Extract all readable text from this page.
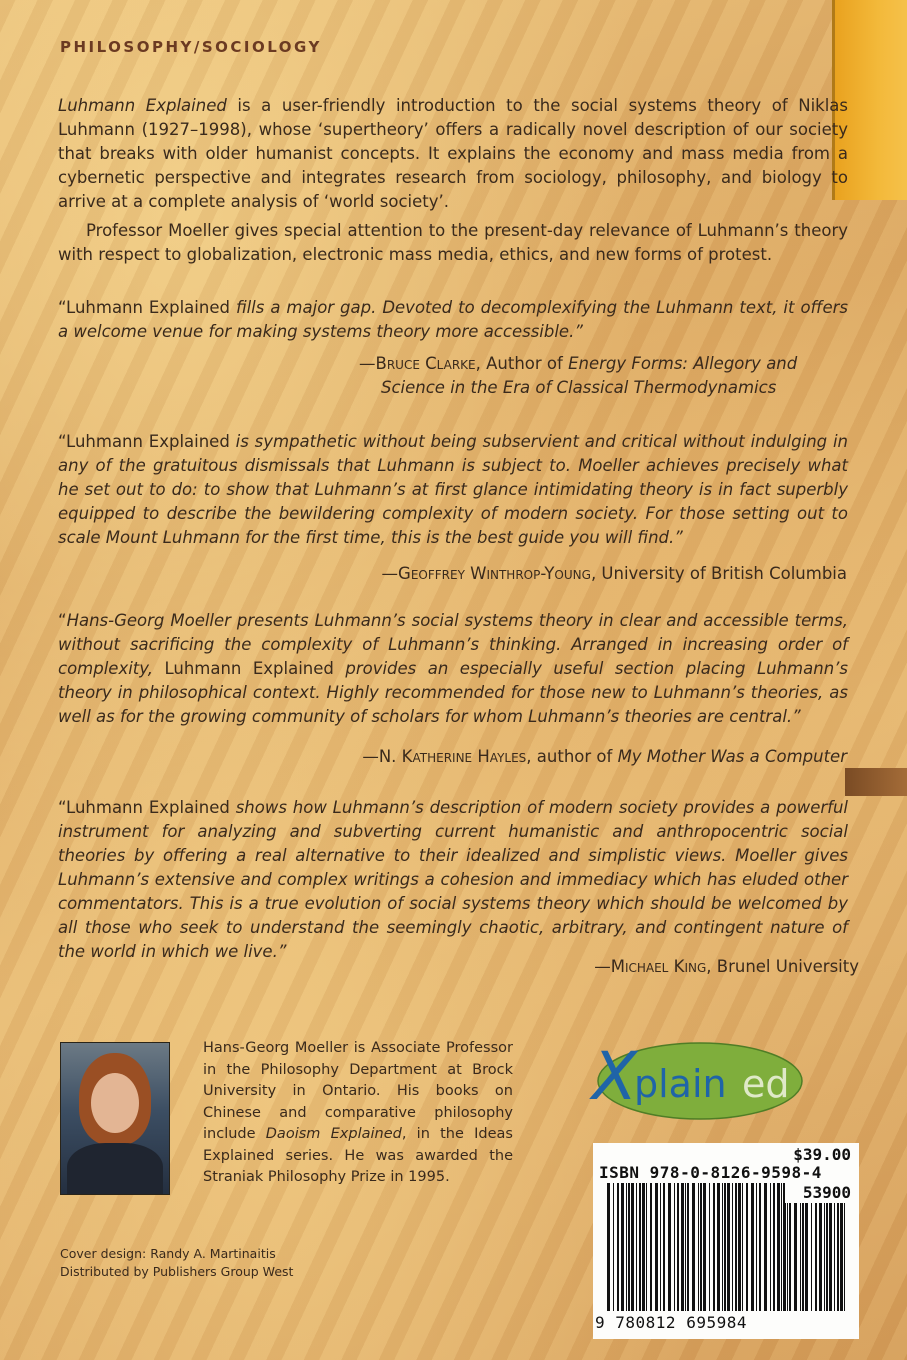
PHILOSOPHY/SOCIOLOGY
Luhmann Explained is a user-friendly introduction to the social systems theory of Niklas Luhmann (1927–1998), whose ‘supertheory’ offers a radically novel description of our society that breaks with older humanist concepts. It explains the economy and mass media from a cybernetic perspective and integrates research from sociology, philosophy, and biology to arrive at a complete analysis of ‘world society’.
Professor Moeller gives special attention to the present-day relevance of Luhmann’s theory with respect to globalization, electronic mass media, ethics, and new forms of protest.
“Luhmann Explained fills a major gap. Devoted to decomplexifying the Luhmann text, it offers a welcome venue for making systems theory more accessible.”
—Bruce Clarke, Author of Energy Forms: Allegory and
Science in the Era of Classical Thermodynamics
“Luhmann Explained is sympathetic without being subservient and critical without indulging in any of the gratuitous dismissals that Luhmann is subject to. Moeller achieves precisely what he set out to do: to show that Luhmann’s at first glance intimidating theory is in fact superbly equipped to describe the bewildering complexity of modern society. For those setting out to scale Mount Luhmann for the first time, this is the best guide you will find.”
—Geoffrey Winthrop-Young, University of British Columbia
“Hans-Georg Moeller presents Luhmann’s social systems theory in clear and accessible terms, without sacrificing the complexity of Luhmann’s thinking. Arranged in increasing order of complexity, Luhmann Explained provides an especially useful section placing Luhmann’s theory in philosophical context. Highly recommended for those new to Luhmann’s theories, as well as for the growing community of scholars for whom Luhmann’s theories are central.”
—N. Katherine Hayles, author of My Mother Was a Computer
“Luhmann Explained shows how Luhmann’s description of modern society provides a powerful instrument for analyzing and subverting current humanistic and anthropocentric social theories by offering a real alternative to their idealized and simplistic views. Moeller gives Luhmann’s extensive and complex writings a cohesion and immediacy which has eluded other commentators. This is a true evolution of social systems theory which should be welcomed by all those who seek to understand the seemingly chaotic, arbitrary, and contingent nature of the world in which we live.”
—Michael King, Brunel University
Hans-Georg Moeller is Associate Professor in the Philosophy Department at Brock University in Ontario. His books on Chinese and comparative philosophy include Daoism Explained, in the Ideas Explained series. He was awarded the Straniak Philosophy Prize in 1995.
Cover design: Randy A. Martinaitis
Distributed by Publishers Group West
X
plain ed
$39.00
ISBN 978-0-8126-9598-4
53900
9 780812 695984
